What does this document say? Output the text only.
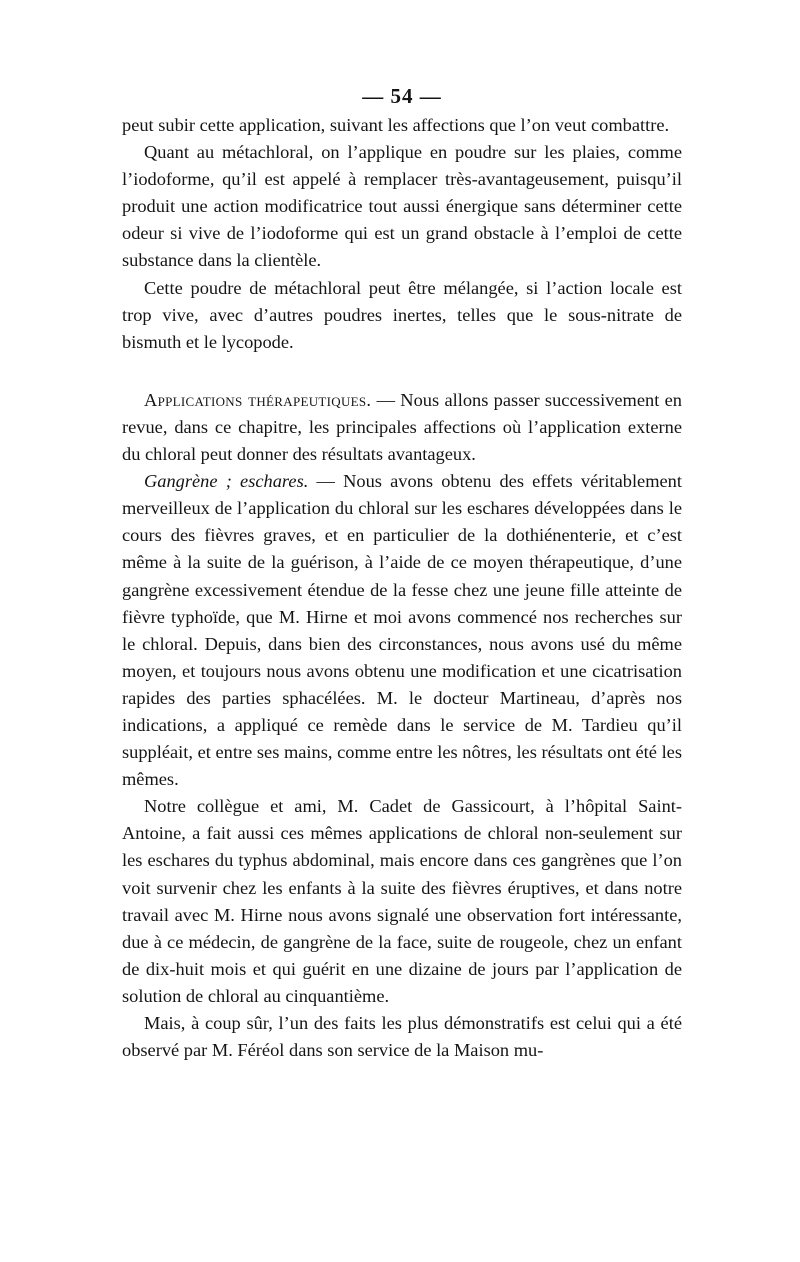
— 54 —

peut subir cette application, suivant les affections que l’on veut combattre.

Quant au métachloral, on l’applique en poudre sur les plaies, comme l’iodoforme, qu’il est appelé à remplacer très-avantageusement, puisqu’il produit une action modificatrice tout aussi énergique sans déterminer cette odeur si vive de l’iodoforme qui est un grand obstacle à l’emploi de cette substance dans la clientèle.

Cette poudre de métachloral peut être mélangée, si l’action locale est trop vive, avec d’autres poudres inertes, telles que le sous-nitrate de bismuth et le lycopode.

Applications thérapeutiques. — Nous allons passer successivement en revue, dans ce chapitre, les principales affections où l’application externe du chloral peut donner des résultats avantageux.

Gangrène ; eschares. — Nous avons obtenu des effets véritablement merveilleux de l’application du chloral sur les eschares développées dans le cours des fièvres graves, et en particulier de la dothiénenterie, et c’est même à la suite de la guérison, à l’aide de ce moyen thérapeutique, d’une gangrène excessivement étendue de la fesse chez une jeune fille atteinte de fièvre typhoïde, que M. Hirne et moi avons commencé nos recherches sur le chloral. Depuis, dans bien des circonstances, nous avons usé du même moyen, et toujours nous avons obtenu une modification et une cicatrisation rapides des parties sphacélées. M. le docteur Martineau, d’après nos indications, a appliqué ce remède dans le service de M. Tardieu qu’il suppléait, et entre ses mains, comme entre les nôtres, les résultats ont été les mêmes.

Notre collègue et ami, M. Cadet de Gassicourt, à l’hôpital Saint-Antoine, a fait aussi ces mêmes applications de chloral non-seulement sur les eschares du typhus abdominal, mais encore dans ces gangrènes que l’on voit survenir chez les enfants à la suite des fièvres éruptives, et dans notre travail avec M. Hirne nous avons signalé une observation fort intéressante, due à ce médecin, de gangrène de la face, suite de rougeole, chez un enfant de dix-huit mois et qui guérit en une dizaine de jours par l’application de solution de chloral au cinquantième.

Mais, à coup sûr, l’un des faits les plus démonstratifs est celui qui a été observé par M. Féréol dans son service de la Maison mu-
